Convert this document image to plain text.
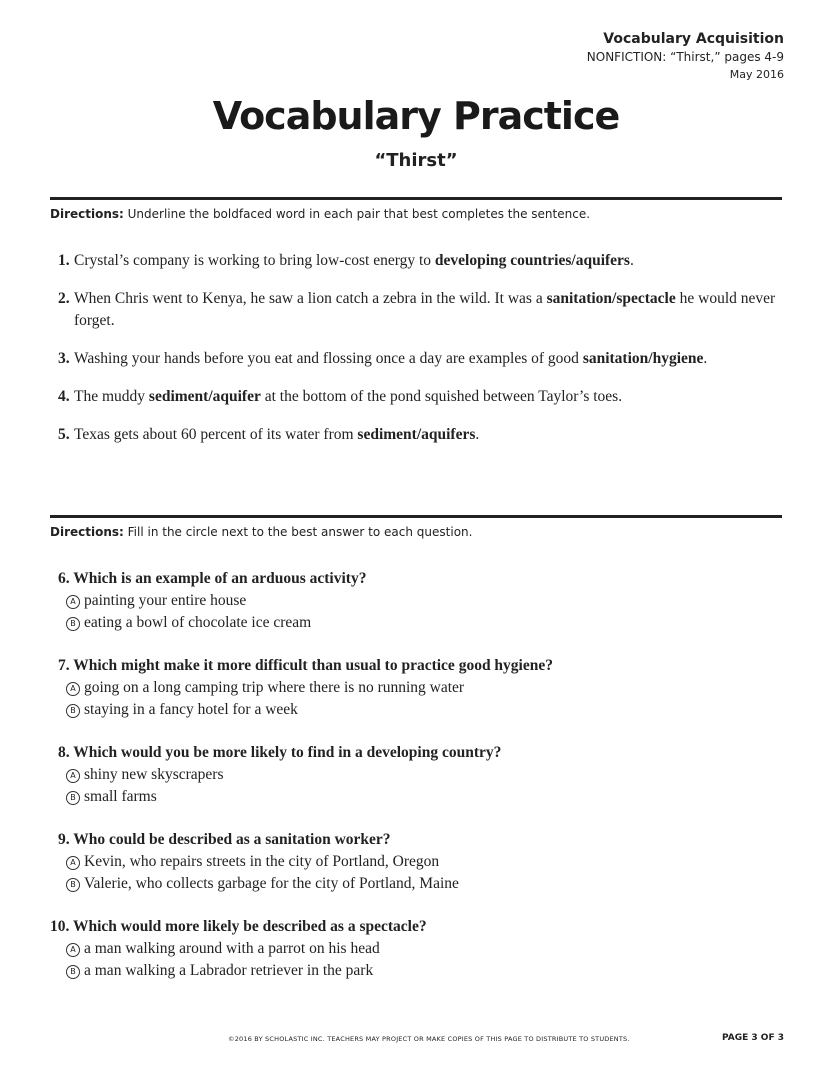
Vocabulary Acquisition
NONFICTION: “Thirst,” pages 4-9
May 2016
Vocabulary Practice
“Thirst”
Directions: Underline the boldfaced word in each pair that best completes the sentence.
1. Crystal’s company is working to bring low-cost energy to developing countries/aquifers.
2. When Chris went to Kenya, he saw a lion catch a zebra in the wild. It was a sanitation/spectacle he would never forget.
3. Washing your hands before you eat and flossing once a day are examples of good sanitation/hygiene.
4. The muddy sediment/aquifer at the bottom of the pond squished between Taylor’s toes.
5. Texas gets about 60 percent of its water from sediment/aquifers.
Directions: Fill in the circle next to the best answer to each question.
6. Which is an example of an arduous activity?
A painting your entire house
B eating a bowl of chocolate ice cream
7. Which might make it more difficult than usual to practice good hygiene?
A going on a long camping trip where there is no running water
B staying in a fancy hotel for a week
8. Which would you be more likely to find in a developing country?
A shiny new skyscrapers
B small farms
9. Who could be described as a sanitation worker?
A Kevin, who repairs streets in the city of Portland, Oregon
B Valerie, who collects garbage for the city of Portland, Maine
10. Which would more likely be described as a spectacle?
A a man walking around with a parrot on his head
B a man walking a Labrador retriever in the park
©2016 BY SCHOLASTIC INC. TEACHERS MAY PROJECT OR MAKE COPIES OF THIS PAGE TO DISTRIBUTE TO STUDENTS.	PAGE 3 OF 3
